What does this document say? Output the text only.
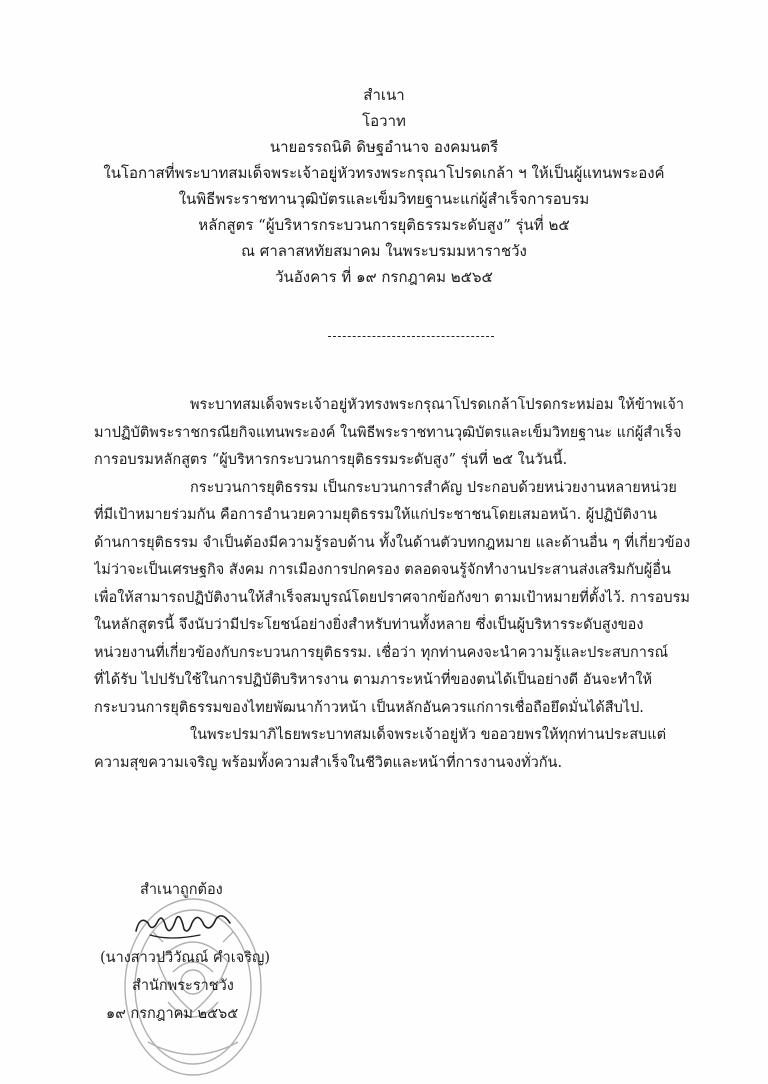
สำเนา
โอวาท
นายอรรถนิติ ดิษฐอำนาจ องคมนตรี
ในโอกาสที่พระบาทสมเด็จพระเจ้าอยู่หัวทรงพระกรุณาโปรดเกล้า ฯ ให้เป็นผู้แทนพระองค์
ในพิธีพระราชทานวุฒิบัตรและเข็มวิทยฐานะแก่ผู้สำเร็จการอบรม
หลักสูตร “ผู้บริหารกระบวนการยุติธรรมระดับสูง” รุ่นที่ ๒๕
ณ ศาลาสหทัยสมาคม ในพระบรมมหาราชวัง
วันอังคาร ที่ ๑๙ กรกฎาคม ๒๕๖๕
พระบาทสมเด็จพระเจ้าอยู่หัวทรงพระกรุณาโปรดเกล้าโปรดกระหม่อม ให้ข้าพเจ้า
มาปฏิบัติพระราชกรณียกิจแทนพระองค์ ในพิธีพระราชทานวุฒิบัตรและเข็มวิทยฐานะ แก่ผู้สำเร็จ
การอบรมหลักสูตร “ผู้บริหารกระบวนการยุติธรรมระดับสูง” รุ่นที่ ๒๕ ในวันนี้.
กระบวนการยุติธรรม เป็นกระบวนการสำคัญ ประกอบด้วยหน่วยงานหลายหน่วย
ที่มีเป้าหมายร่วมกัน คือการอำนวยความยุติธรรมให้แก่ประชาชนโดยเสมอหน้า. ผู้ปฏิบัติงาน
ด้านการยุติธรรม จำเป็นต้องมีความรู้รอบด้าน ทั้งในด้านตัวบทกฎหมาย และด้านอื่น ๆ ที่เกี่ยวข้อง
ไม่ว่าจะเป็นเศรษฐกิจ สังคม การเมืองการปกครอง ตลอดจนรู้จักทำงานประสานส่งเสริมกับผู้อื่น
เพื่อให้สามารถปฏิบัติงานให้สำเร็จสมบูรณ์โดยปราศจากข้อกังขา ตามเป้าหมายที่ตั้งไว้. การอบรม
ในหลักสูตรนี้ จึงนับว่ามีประโยชน์อย่างยิ่งสำหรับท่านทั้งหลาย ซึ่งเป็นผู้บริหารระดับสูงของ
หน่วยงานที่เกี่ยวข้องกับกระบวนการยุติธรรม. เชื่อว่า ทุกท่านคงจะนำความรู้และประสบการณ์
ที่ได้รับ ไปปรับใช้ในการปฏิบัติบริหารงาน ตามภาระหน้าที่ของตนได้เป็นอย่างดี อันจะทำให้
กระบวนการยุติธรรมของไทยพัฒนาก้าวหน้า เป็นหลักอันควรแก่การเชื่อถือยึดมั่นได้สืบไป.
ในพระปรมาภิไธยพระบาทสมเด็จพระเจ้าอยู่หัว ขออวยพรให้ทุกท่านประสบแต่
ความสุขความเจริญ พร้อมทั้งความสำเร็จในชีวิตและหน้าที่การงานจงทั่วกัน.
สำเนาถูกต้อง
(นางสาวปวิวัณณ์ คำเจริญ)
สำนักพระราชวัง
๑๙ กรกฎาคม ๒๕๖๕
